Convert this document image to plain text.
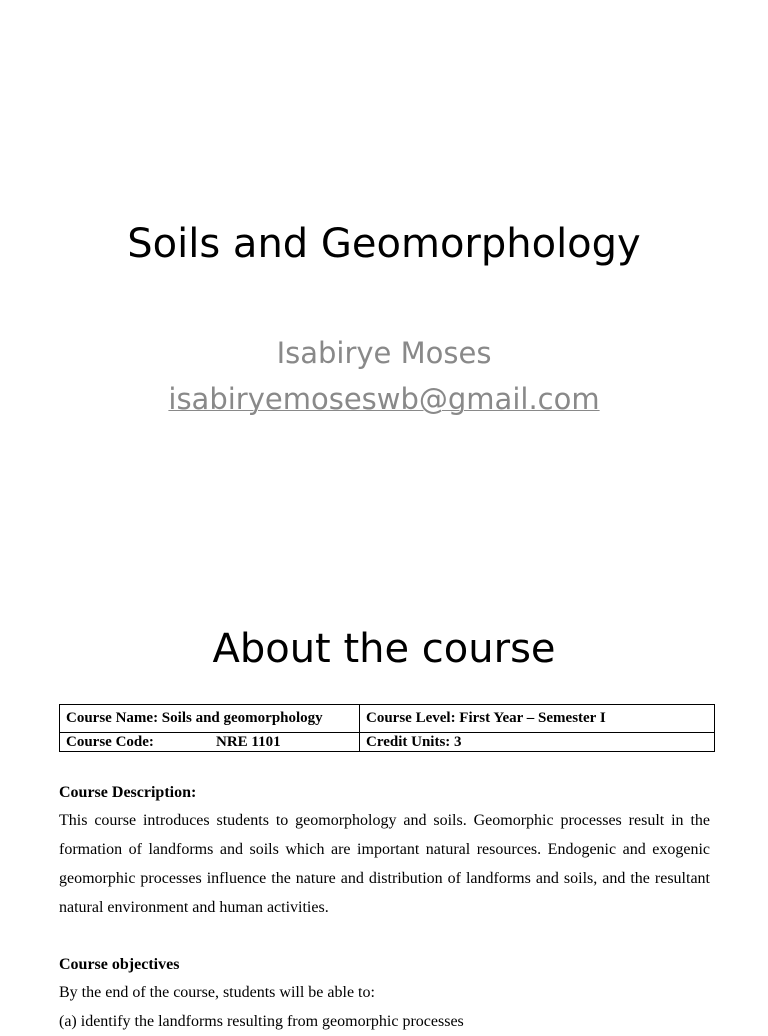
Soils and Geomorphology
Isabirye Moses
isabiryemoseswb@gmail.com
About the course
Course Name: Soils and geomorphology	Course Level: First Year – Semester I
Course Code: NRE 1101	Credit Units: 3
Course Description:
This course introduces students to geomorphology and soils. Geomorphic processes result in the formation of landforms and soils which are important natural resources. Endogenic and exogenic geomorphic processes influence the nature and distribution of landforms and soils, and the resultant natural environment and human activities.
Course objectives
By the end of the course, students will be able to:
(a) identify the landforms resulting from geomorphic processes
